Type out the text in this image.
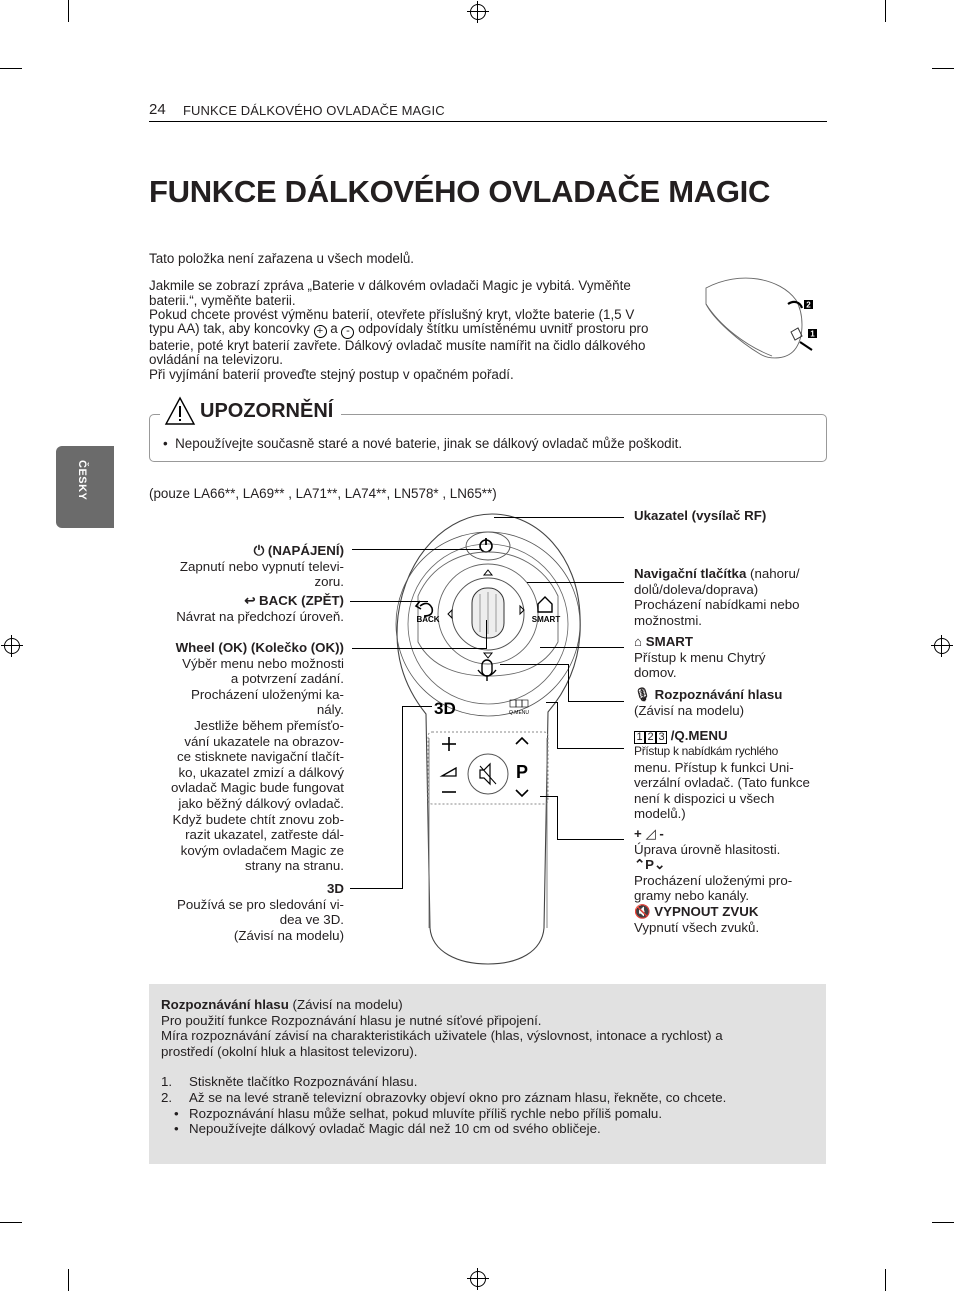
24 FUNKCE DÁLKOVÉHO OVLADAČE MAGIC
ČESKY
FUNKCE DÁLKOVÉHO OVLADAČE MAGIC
Tato položka není zařazena u všech modelů.
Jakmile se zobrazí zpráva „Baterie v dálkovém ovladači Magic je vybitá. Vyměňte
baterii.“, vyměňte baterii.
Pokud chcete provést výměnu baterií, otevřete příslušný kryt, vložte baterie (1,5 V
typu AA) tak, aby koncovky + a - odpovídaly štítku umístěnému uvnitř prostoru pro
baterie, poté kryt baterií zavřete. Dálkový ovladač musíte namířit na čidlo dálkového
ovládání na televizoru.
Při vyjímání baterií proveďte stejný postup v opačném pořadí.
2
1
UPOZORNĚNÍ
•  Nepoužívejte současně staré a nové baterie, jinak se dálkový ovladač může poškodit.
(pouze LA66**, LA69** , LA71**, LA74**, LN578* , LN65**)
BACK	SMART
3D	Q.MENU
P
⏻ (NAPÁJENÍ)
Zapnutí nebo vypnutí televi-
zoru.
↩ BACK (ZPĚT)
Návrat na předchozí úroveň.
Wheel (OK) (Kolečko (OK))
Výběr menu nebo možnosti
a potvrzení zadání.
Procházení uloženými ka-
nály.
Jestliže během přemísťo-
vání ukazatele na obrazov-
ce stisknete navigační tlačít-
ko, ukazatel zmizí a dálkový
ovladač Magic bude fungovat
jako běžný dálkový ovladač.
Když budete chtít znovu zob-
razit ukazatel, zatřeste dál-
kovým ovladačem Magic ze
strany na stranu.
3D
Používá se pro sledování vi-
dea ve 3D.
(Závisí na modelu)
Ukazatel (vysílač RF)
Navigační tlačítka (nahoru/
dolů/doleva/doprava)
Procházení nabídkami nebo
možnostmi.
⌂ SMART
Přístup k menu Chytrý
domov.
🎙 Rozpoznávání hlasu
(Závisí na modelu)
1 2 3 /Q.MENU
Přístup k nabídkám rychlého
menu. Přístup k funkci Uni-
verzální ovladač. (Tato funkce
není k dispozici u všech
modelů.)
+ ◿ -
Úprava úrovně hlasitosti.
⌃P⌄
Procházení uloženými pro-
gramy nebo kanály.
🔇 VYPNOUT ZVUK
Vypnutí všech zvuků.
Rozpoznávání hlasu (Závisí na modelu)
Pro použití funkce Rozpoznávání hlasu je nutné síťové připojení.
Míra rozpoznávání závisí na charakteristikách uživatele (hlas, výslovnost, intonace a rychlost) a
prostředí (okolní hluk a hlasitost televizoru).
1.	Stiskněte tlačítko Rozpoznávání hlasu.
2.	Až se na levé straně televizní obrazovky objeví okno pro záznam hlasu, řekněte, co chcete.
• Rozpoznávání hlasu může selhat, pokud mluvíte příliš rychle nebo příliš pomalu.
• Nepoužívejte dálkový ovladač Magic dál než 10 cm od svého obličeje.
